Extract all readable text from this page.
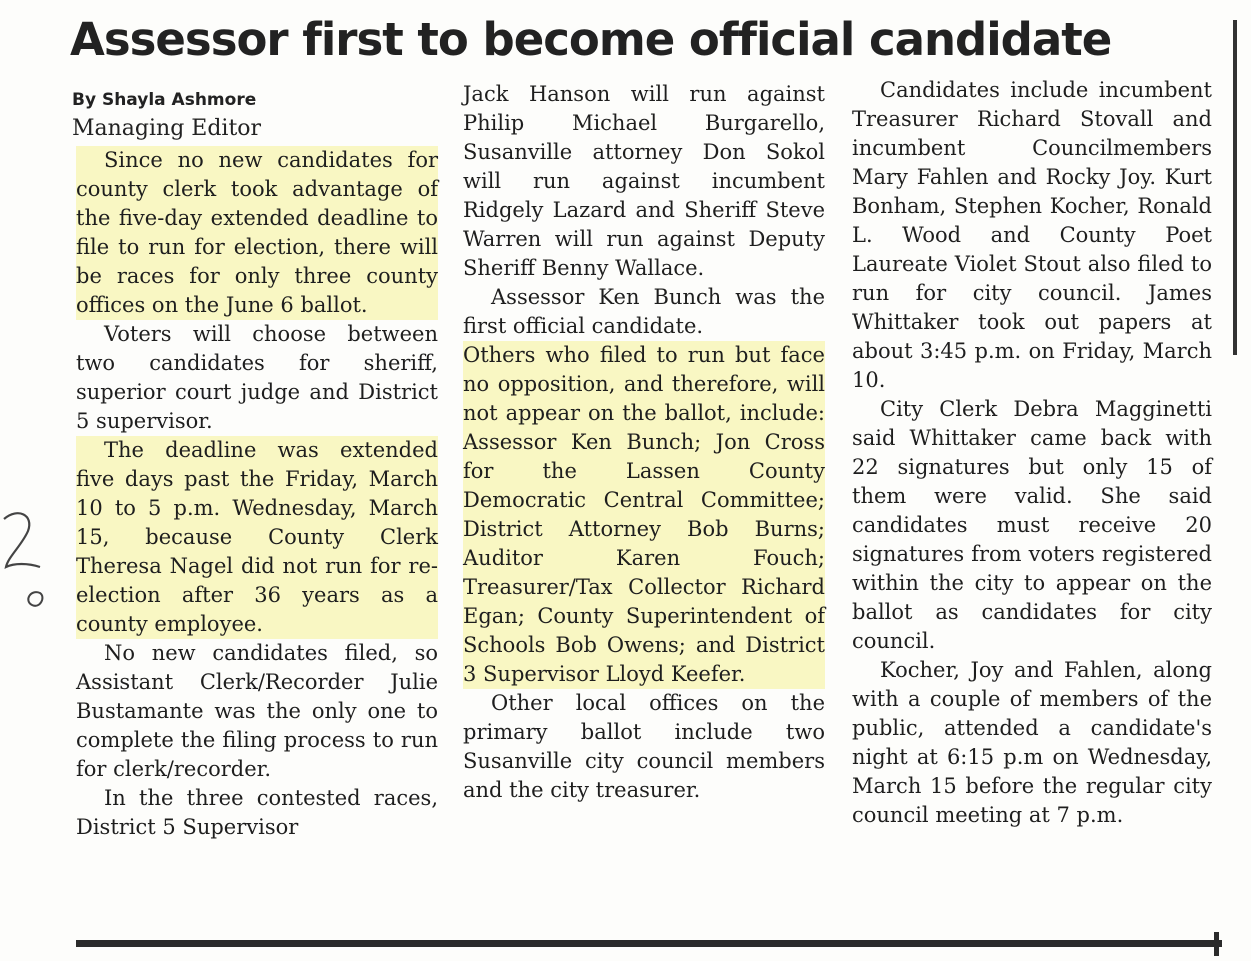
Assessor first to become official candidate
By Shayla Ashmore
Managing Editor

Since no new candidates for county clerk took advantage of the five-day extended deadline to file to run for election, there will be races for only three county offices on the June 6 ballot.

Voters will choose between two candidates for sheriff, superior court judge and District 5 supervisor.

The deadline was extended five days past the Friday, March 10 to 5 p.m. Wednesday, March 15, because County Clerk Theresa Nagel did not run for re-election after 36 years as a county employee.

No new candidates filed, so Assistant Clerk/Recorder Julie Bustamante was the only one to complete the filing process to run for clerk/recorder.

In the three contested races, District 5 Supervisor

Jack Hanson will run against Philip Michael Burgarello, Susanville attorney Don Sokol will run against incumbent Ridgely Lazard and Sheriff Steve Warren will run against Deputy Sheriff Benny Wallace.

Assessor Ken Bunch was the first official candidate.

Others who filed to run but face no opposition, and therefore, will not appear on the ballot, include: Assessor Ken Bunch; Jon Cross for the Lassen County Democratic Central Committee; District Attorney Bob Burns; Auditor Karen Fouch; Treasurer/Tax Collector Richard Egan; County Superintendent of Schools Bob Owens; and District 3 Supervisor Lloyd Keefer.

Other local offices on the primary ballot include two Susanville city council members and the city treasurer.

Candidates include incumbent Treasurer Richard Stovall and incumbent Councilmembers Mary Fahlen and Rocky Joy. Kurt Bonham, Stephen Kocher, Ronald L. Wood and County Poet Laureate Violet Stout also filed to run for city council. James Whittaker took out papers at about 3:45 p.m. on Friday, March 10.

City Clerk Debra Magginetti said Whittaker came back with 22 signatures but only 15 of them were valid. She said candidates must receive 20 signatures from voters registered within the city to appear on the ballot as candidates for city council.

Kocher, Joy and Fahlen, along with a couple of members of the public, attended a candidate's night at 6:15 p.m on Wednesday, March 15 before the regular city council meeting at 7 p.m.
